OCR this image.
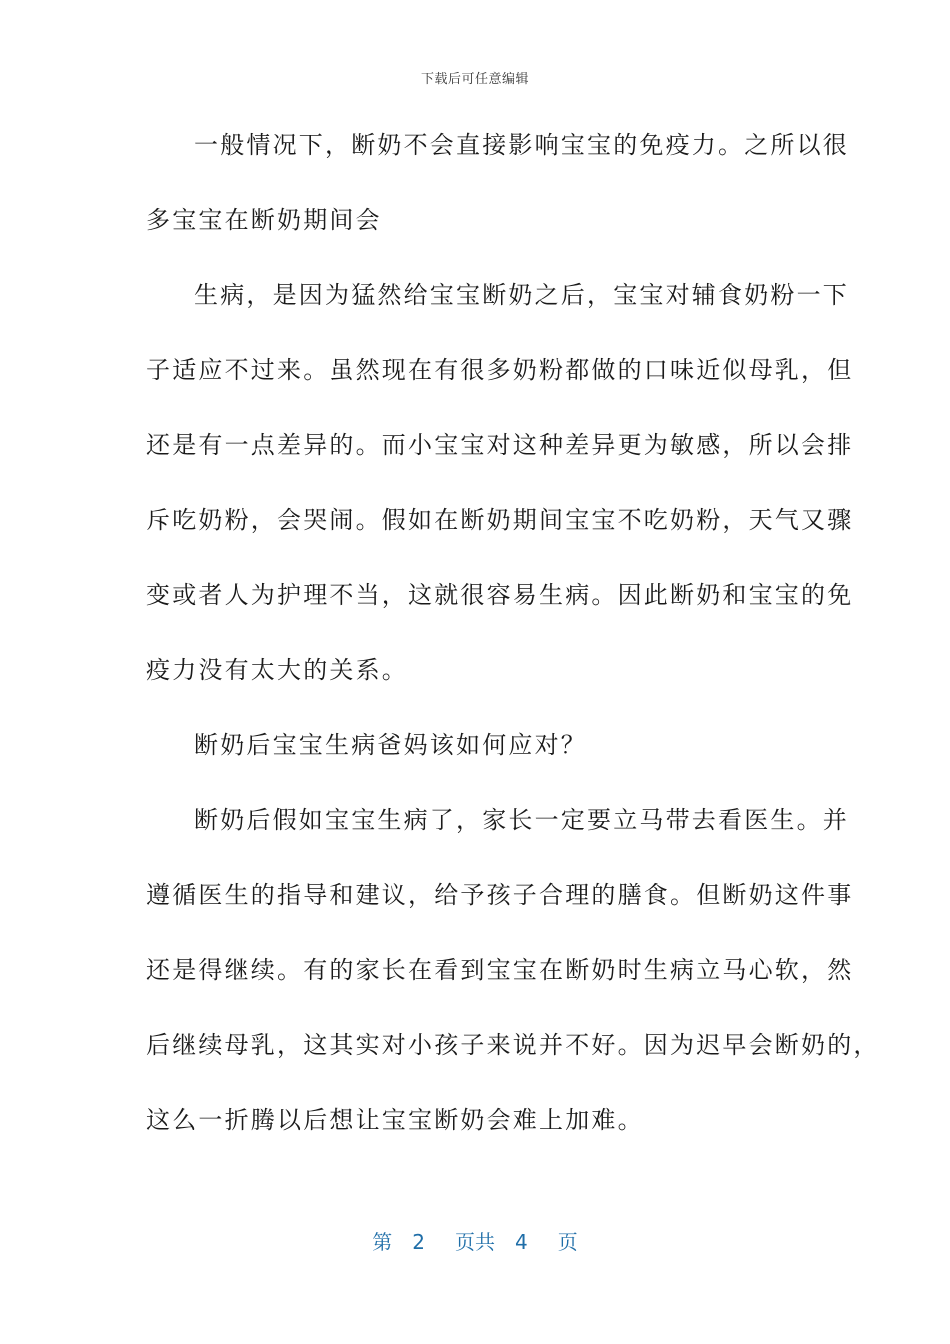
下载后可任意编辑
一般情况下，断奶不会直接影响宝宝的免疫力。之所以很
多宝宝在断奶期间会
生病，是因为猛然给宝宝断奶之后，宝宝对辅食奶粉一下
子适应不过来。虽然现在有很多奶粉都做的口味近似母乳，但
还是有一点差异的。而小宝宝对这种差异更为敏感，所以会排
斥吃奶粉，会哭闹。假如在断奶期间宝宝不吃奶粉，天气又骤
变或者人为护理不当，这就很容易生病。因此断奶和宝宝的免
疫力没有太大的关系。
断奶后宝宝生病爸妈该如何应对？
断奶后假如宝宝生病了，家长一定要立马带去看医生。并
遵循医生的指导和建议，给予孩子合理的膳食。但断奶这件事
还是得继续。有的家长在看到宝宝在断奶时生病立马心软，然
后继续母乳，这其实对小孩子来说并不好。因为迟早会断奶的，
这么一折腾以后想让宝宝断奶会难上加难。
第 2 页共 4 页
